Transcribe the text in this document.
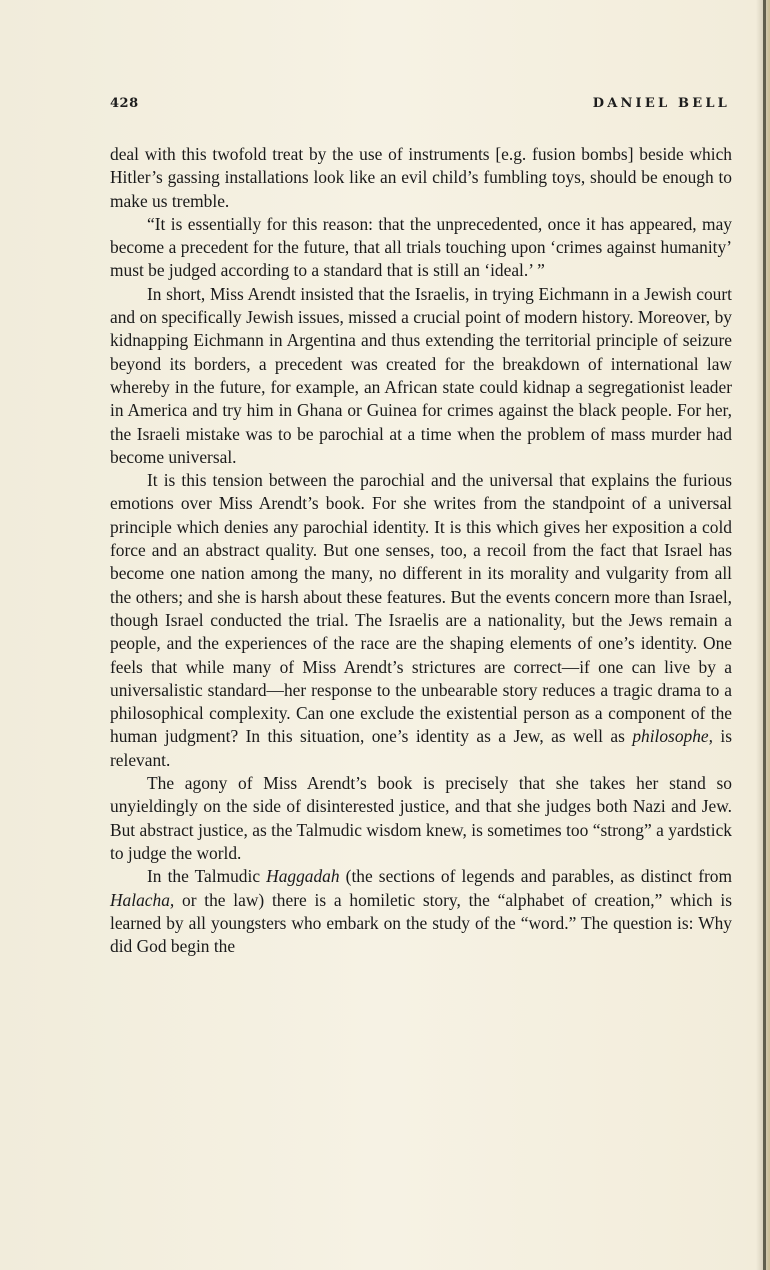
428	DANIEL BELL

deal with this twofold treat by the use of instruments [e.g. fusion bombs] beside which Hitler’s gassing installations look like an evil child’s fumbling toys, should be enough to make us tremble.

“It is essentially for this reason: that the unprecedented, once it has appeared, may become a precedent for the future, that all trials touching upon ‘crimes against humanity’ must be judged according to a standard that is still an ‘ideal.’ ”

In short, Miss Arendt insisted that the Israelis, in trying Eichmann in a Jewish court and on specifically Jewish issues, missed a crucial point of modern history. Moreover, by kidnapping Eichmann in Argentina and thus extending the territorial principle of seizure beyond its borders, a precedent was created for the breakdown of international law whereby in the future, for example, an African state could kidnap a segregationist leader in America and try him in Ghana or Guinea for crimes against the black people. For her, the Israeli mistake was to be parochial at a time when the problem of mass murder had become universal.

It is this tension between the parochial and the universal that explains the furious emotions over Miss Arendt’s book. For she writes from the standpoint of a universal principle which denies any parochial identity. It is this which gives her exposition a cold force and an abstract quality. But one senses, too, a recoil from the fact that Israel has become one nation among the many, no different in its morality and vulgarity from all the others; and she is harsh about these features. But the events concern more than Israel, though Israel conducted the trial. The Israelis are a nationality, but the Jews remain a people, and the experiences of the race are the shaping elements of one’s identity. One feels that while many of Miss Arendt’s strictures are correct—if one can live by a universalistic standard—her response to the unbearable story reduces a tragic drama to a philosophical complexity. Can one exclude the existential person as a component of the human judgment? In this situation, one’s identity as a Jew, as well as philosophe, is relevant.

The agony of Miss Arendt’s book is precisely that she takes her stand so unyieldingly on the side of disinterested justice, and that she judges both Nazi and Jew. But abstract justice, as the Talmudic wisdom knew, is sometimes too “strong” a yardstick to judge the world.

In the Talmudic Haggadah (the sections of legends and parables, as distinct from Halacha, or the law) there is a homiletic story, the “alphabet of creation,” which is learned by all youngsters who embark on the study of the “word.” The question is: Why did God begin the
